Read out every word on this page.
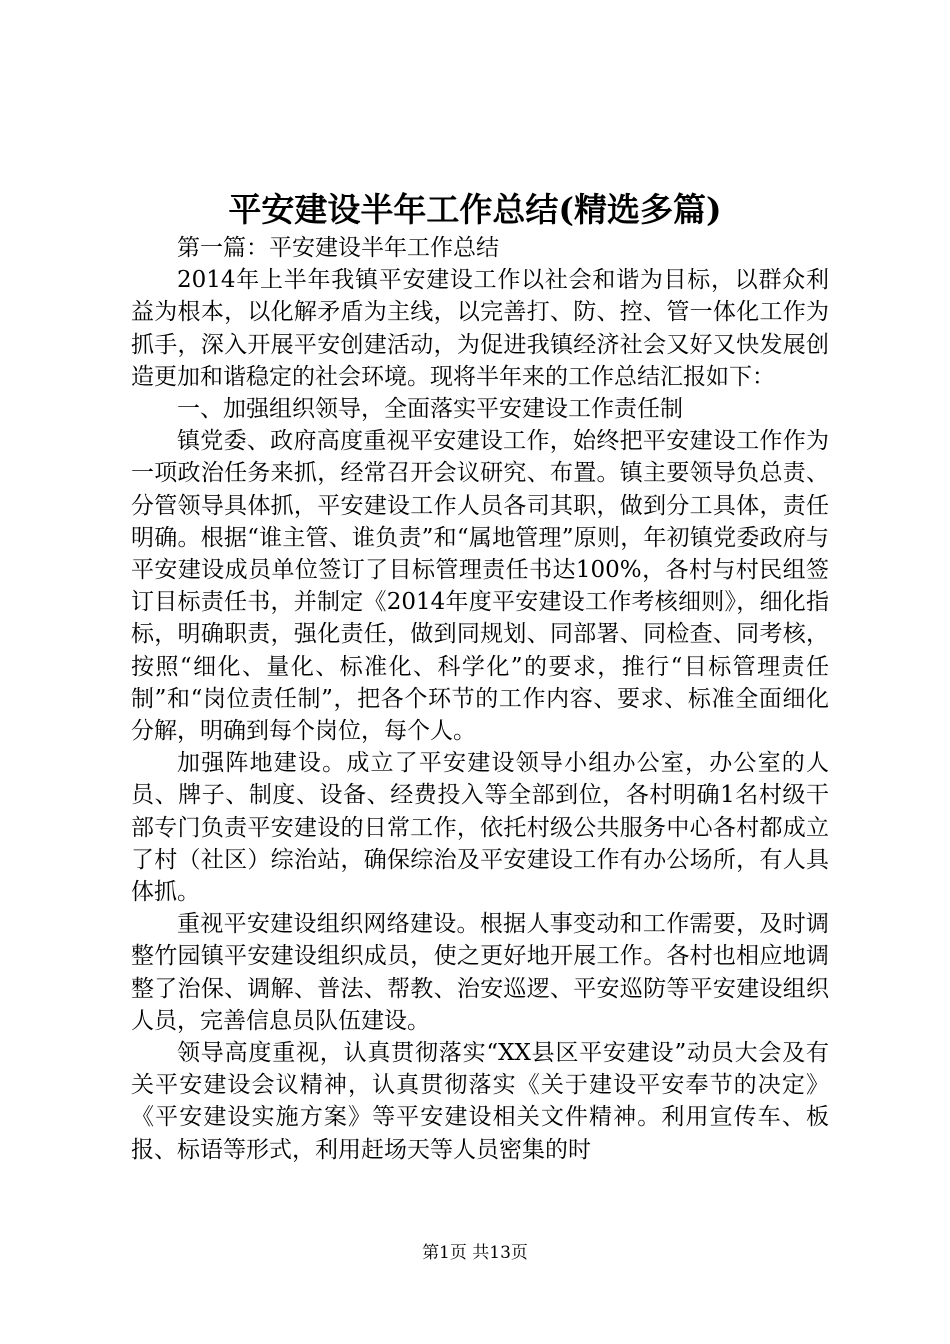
平安建设半年工作总结(精选多篇)

第一篇：平安建设半年工作总结

2014年上半年我镇平安建设工作以社会和谐为目标，以群众利益为根本，以化解矛盾为主线，以完善打、防、控、管一体化工作为抓手，深入开展平安创建活动，为促进我镇经济社会又好又快发展创造更加和谐稳定的社会环境。现将半年来的工作总结汇报如下：

一、加强组织领导，全面落实平安建设工作责任制

镇党委、政府高度重视平安建设工作，始终把平安建设工作作为一项政治任务来抓，经常召开会议研究、布置。镇主要领导负总责、分管领导具体抓，平安建设工作人员各司其职，做到分工具体，责任明确。根据“谁主管、谁负责”和“属地管理”原则，年初镇党委政府与平安建设成员单位签订了目标管理责任书达100%，各村与村民组签订目标责任书，并制定《2014年度平安建设工作考核细则》，细化指标，明确职责，强化责任，做到同规划、同部署、同检查、同考核，按照“细化、量化、标准化、科学化”的要求，推行“目标管理责任制”和“岗位责任制”，把各个环节的工作内容、要求、标准全面细化分解，明确到每个岗位，每个人。

加强阵地建设。成立了平安建设领导小组办公室，办公室的人员、牌子、制度、设备、经费投入等全部到位，各村明确1名村级干部专门负责平安建设的日常工作，依托村级公共服务中心各村都成立了村（社区）综治站，确保综治及平安建设工作有办公场所，有人具体抓。

重视平安建设组织网络建设。根据人事变动和工作需要，及时调整竹园镇平安建设组织成员，使之更好地开展工作。各村也相应地调整了治保、调解、普法、帮教、治安巡逻、平安巡防等平安建设组织人员，完善信息员队伍建设。

领导高度重视，认真贯彻落实“XX县区平安建设”动员大会及有关平安建设会议精神，认真贯彻落实《关于建设平安奉节的决定》《平安建设实施方案》等平安建设相关文件精神。利用宣传车、板报、标语等形式，利用赶场天等人员密集的时

第1页 共13页
